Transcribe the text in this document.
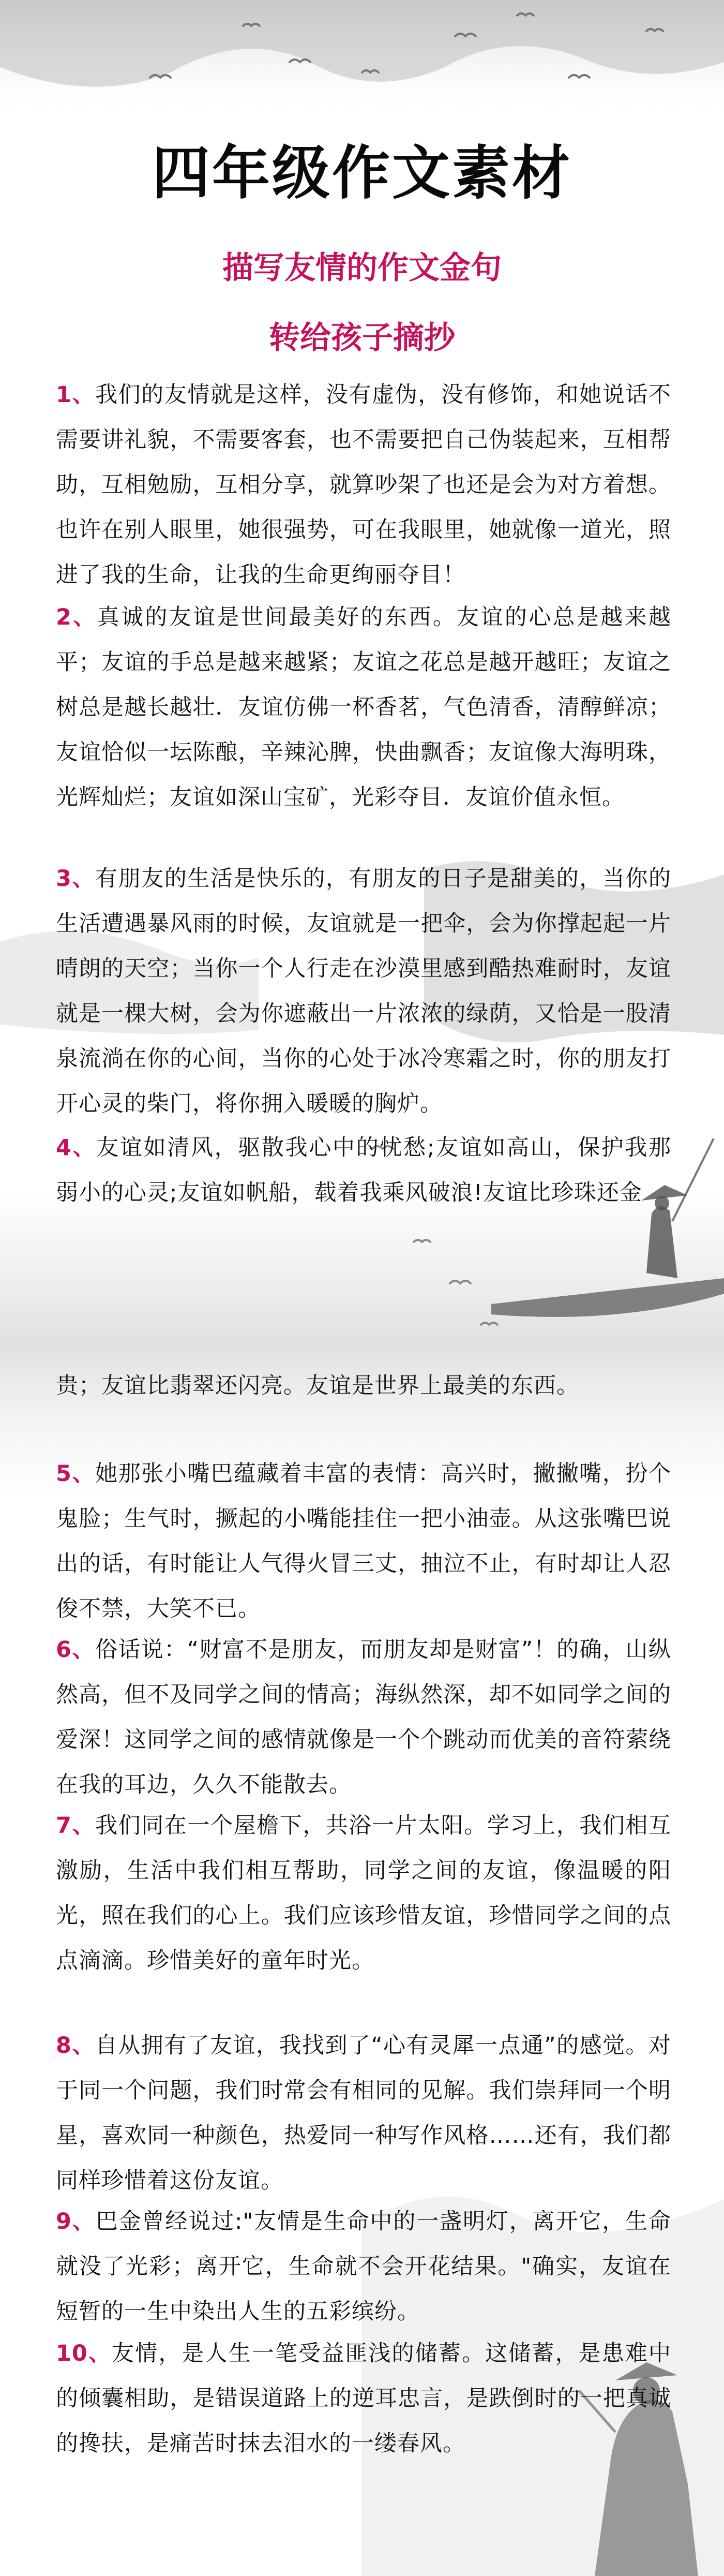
四年级作文素材
描写友情的作文金句
转给孩子摘抄
1、我们的友情就是这样，没有虚伪，没有修饰，和她说话不需要讲礼貌，不需要客套，也不需要把自己伪装起来，互相帮助，互相勉励，互相分享，就算吵架了也还是会为对方着想。也许在别人眼里，她很强势，可在我眼里，她就像一道光，照进了我的生命，让我的生命更绚丽夺目！
2、真诚的友谊是世间最美好的东西。友谊的心总是越来越平；友谊的手总是越来越紧；友谊之花总是越开越旺；友谊之树总是越长越壮．友谊仿佛一杯香茗，气色清香，清醇鲜凉；友谊恰似一坛陈酿，辛辣沁脾，快曲飘香；友谊像大海明珠，光辉灿烂；友谊如深山宝矿，光彩夺目．友谊价值永恒。
3、有朋友的生活是快乐的，有朋友的日子是甜美的，当你的生活遭遇暴风雨的时候，友谊就是一把伞，会为你撑起起一片晴朗的天空；当你一个人行走在沙漠里感到酷热难耐时，友谊就是一棵大树，会为你遮蔽出一片浓浓的绿荫，又恰是一股清泉流淌在你的心间，当你的心处于冰冷寒霜之时，你的朋友打开心灵的柴门，将你拥入暖暖的胸炉。
4、友谊如清风，驱散我心中的忧愁;友谊如高山，保护我那弱小的心灵;友谊如帆船，载着我乘风破浪!友谊比珍珠还金
贵；友谊比翡翠还闪亮。友谊是世界上最美的东西。
5、她那张小嘴巴蕴藏着丰富的表情：高兴时，撇撇嘴，扮个鬼脸；生气时，撅起的小嘴能挂住一把小油壶。从这张嘴巴说出的话，有时能让人气得火冒三丈，抽泣不止，有时却让人忍俊不禁，大笑不已。
6、俗话说：“财富不是朋友，而朋友却是财富”！的确，山纵然高，但不及同学之间的情高；海纵然深，却不如同学之间的爱深！这同学之间的感情就像是一个个跳动而优美的音符萦绕在我的耳边，久久不能散去。
7、我们同在一个屋檐下，共浴一片太阳。学习上，我们相互激励，生活中我们相互帮助，同学之间的友谊，像温暖的阳光，照在我们的心上。我们应该珍惜友谊，珍惜同学之间的点点滴滴。珍惜美好的童年时光。
8、自从拥有了友谊，我找到了“心有灵犀一点通”的感觉。对于同一个问题，我们时常会有相同的见解。我们崇拜同一个明星，喜欢同一种颜色，热爱同一种写作风格……还有，我们都同样珍惜着这份友谊。
9、巴金曾经说过:"友情是生命中的一盏明灯，离开它，生命就没了光彩；离开它，生命就不会开花结果。"确实，友谊在短暂的一生中染出人生的五彩缤纷。
10、友情，是人生一笔受益匪浅的储蓄。这储蓄，是患难中的倾囊相助，是错误道路上的逆耳忠言，是跌倒时的一把真诚的搀扶，是痛苦时抹去泪水的一缕春风。
